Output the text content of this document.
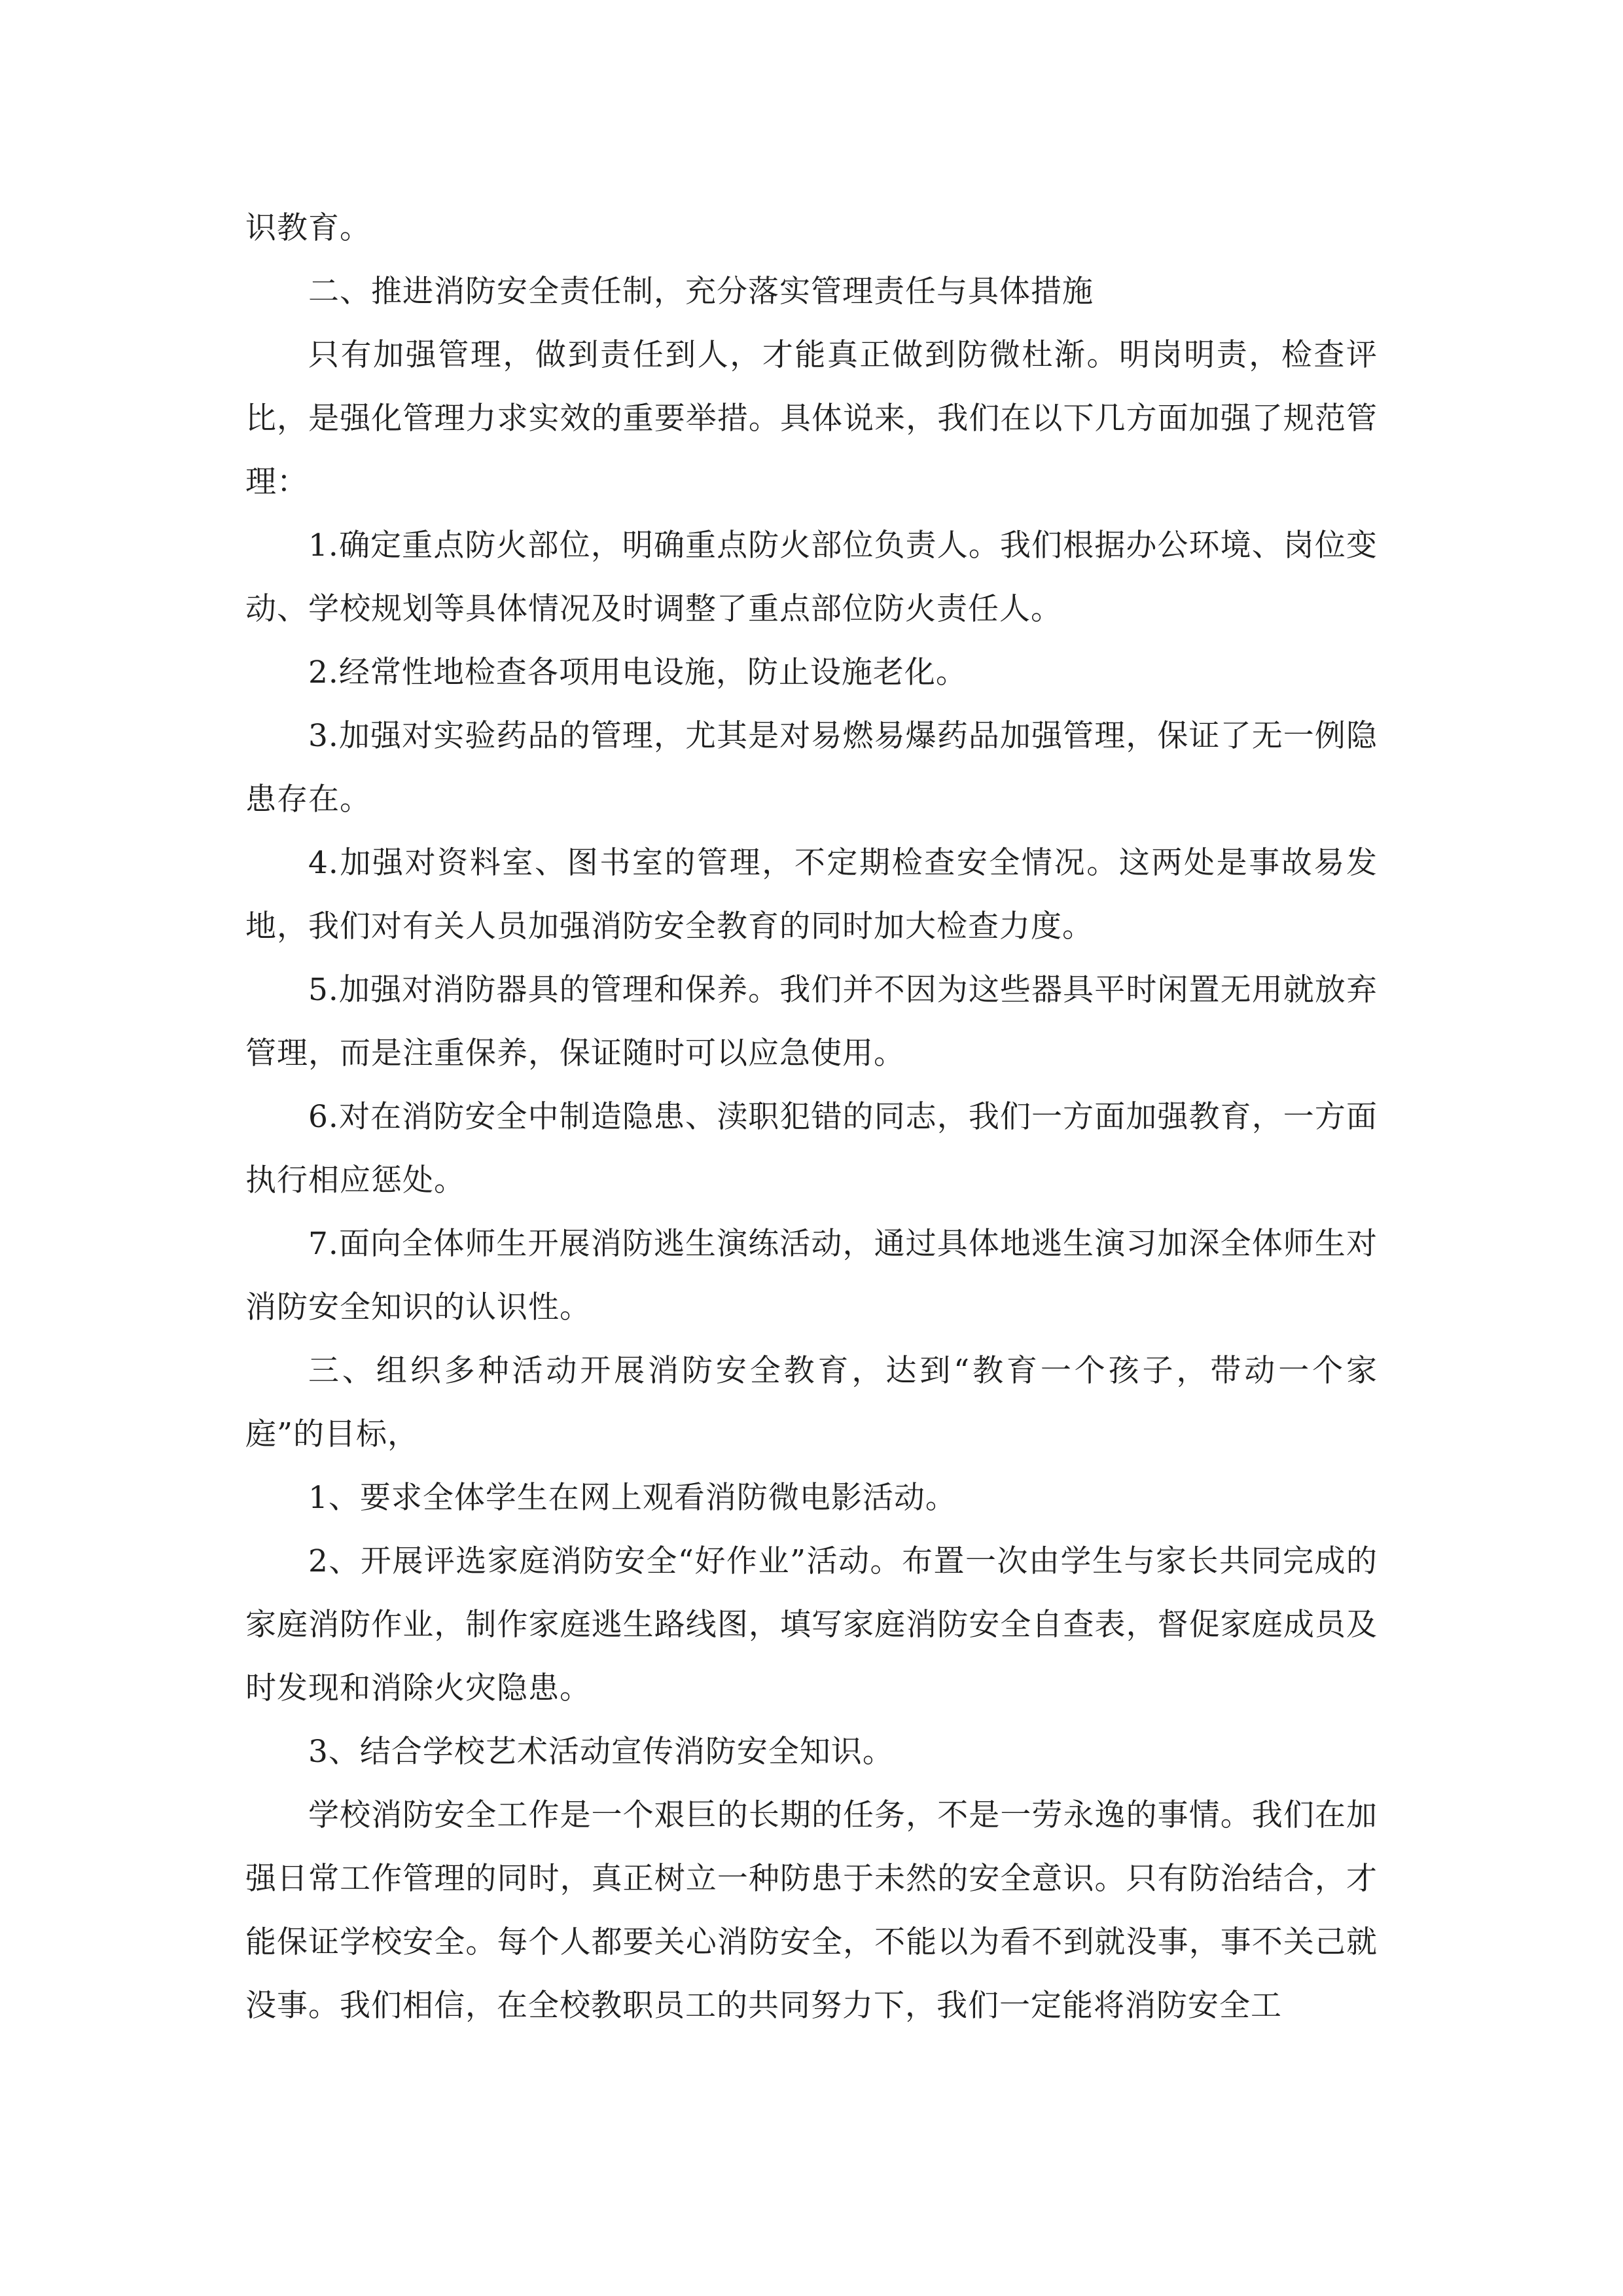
识教育。

二、推进消防安全责任制，充分落实管理责任与具体措施

只有加强管理，做到责任到人，才能真正做到防微杜渐。明岗明责，检查评比，是强化管理力求实效的重要举措。具体说来，我们在以下几方面加强了规范管理：

1.确定重点防火部位，明确重点防火部位负责人。我们根据办公环境、岗位变动、学校规划等具体情况及时调整了重点部位防火责任人。

2.经常性地检查各项用电设施，防止设施老化。

3.加强对实验药品的管理，尤其是对易燃易爆药品加强管理，保证了无一例隐患存在。

4.加强对资料室、图书室的管理，不定期检查安全情况。这两处是事故易发地，我们对有关人员加强消防安全教育的同时加大检查力度。

5.加强对消防器具的管理和保养。我们并不因为这些器具平时闲置无用就放弃管理，而是注重保养，保证随时可以应急使用。

6.对在消防安全中制造隐患、渎职犯错的同志，我们一方面加强教育，一方面执行相应惩处。

7.面向全体师生开展消防逃生演练活动，通过具体地逃生演习加深全体师生对消防安全知识的认识性。

三、组织多种活动开展消防安全教育，达到“教育一个孩子，带动一个家庭”的目标，

1、要求全体学生在网上观看消防微电影活动。

2、开展评选家庭消防安全“好作业”活动。布置一次由学生与家长共同完成的家庭消防作业，制作家庭逃生路线图，填写家庭消防安全自查表，督促家庭成员及时发现和消除火灾隐患。

3、结合学校艺术活动宣传消防安全知识。

学校消防安全工作是一个艰巨的长期的任务，不是一劳永逸的事情。我们在加强日常工作管理的同时，真正树立一种防患于未然的安全意识。只有防治结合，才能保证学校安全。每个人都要关心消防安全，不能以为看不到就没事，事不关己就没事。我们相信，在全校教职员工的共同努力下，我们一定能将消防安全工
